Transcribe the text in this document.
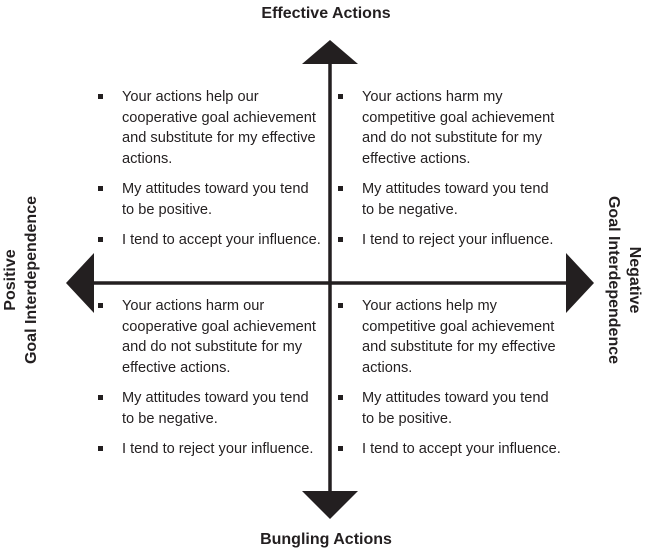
Effective Actions
Bungling Actions
Positive Goal Interdependence	Negative
Goal Interdependence
Your actions help our cooperative goal achievement and substitute for my effective actions.
My attitudes toward you tend to be positive.
I tend to accept your influence.
Your actions harm my competitive goal achievement and do not substitute for my effective actions.
My attitudes toward you tend to be negative.
I tend to reject your influence.
Your actions harm our cooperative goal achievement and do not substitute for my effective actions.
My attitudes toward you tend to be negative.
I tend to reject your influence.
Your actions help my competitive goal achievement and substitute for my effective actions.
My attitudes toward you tend to be positive.
I tend to accept your influence.
